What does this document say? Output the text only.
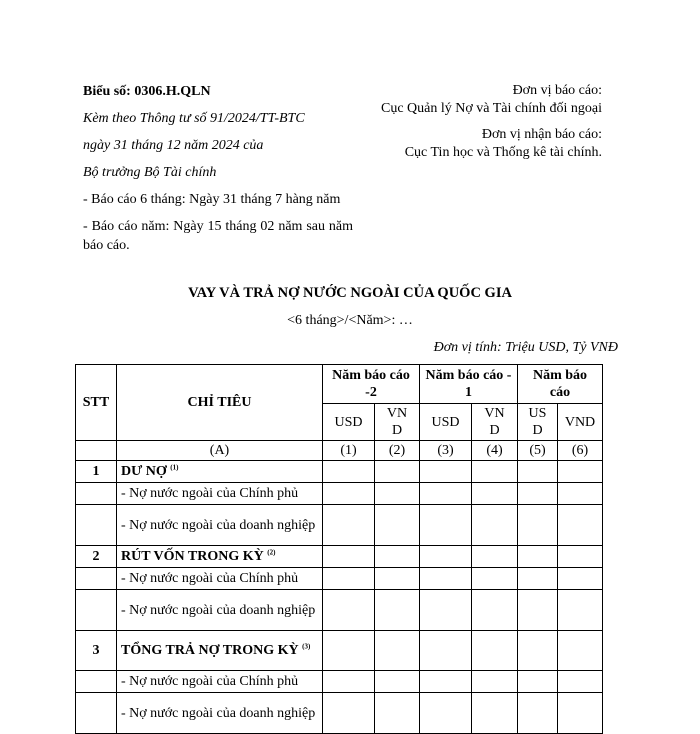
Biểu số: 0306.H.QLN

Kèm theo Thông tư số 91/2024/TT-BTC

ngày 31 tháng 12 năm 2024 của

Bộ trưởng Bộ Tài chính

- Báo cáo 6 tháng: Ngày 31 tháng 7 hàng năm

- Báo cáo năm: Ngày 15 tháng 02 năm sau năm báo cáo.

Đơn vị báo cáo:

Cục Quản lý Nợ và Tài chính đối ngoại

Đơn vị nhận báo cáo:

Cục Tin học và Thống kê tài chính.

VAY VÀ TRẢ NỢ NƯỚC NGOÀI CỦA QUỐC GIA
<6 tháng>/<Năm>: …
Đơn vị tính: Triệu USD, Tỷ VNĐ
STT	CHỈ TIÊU	Năm báo cáo -2		Năm báo cáo - 1		Năm báo cáo	
		USD	VND	USD	VND	USD	VND
	(A)	(1)	(2)	(3)	(4)	(5)	(6)
1	DƯ NỢ $^{(1)}$						
	- Nợ nước ngoài của Chính phủ						
	- Nợ nước ngoài của doanh nghiệp						
2	RÚT VỐN TRONG KỲ $^{(2)}$						
	- Nợ nước ngoài của Chính phủ						
	- Nợ nước ngoài của doanh nghiệp						
3	TỔNG TRẢ NỢ TRONG KỲ $^{(3)}$						
	- Nợ nước ngoài của Chính phủ						
	- Nợ nước ngoài của doanh nghiệp						
